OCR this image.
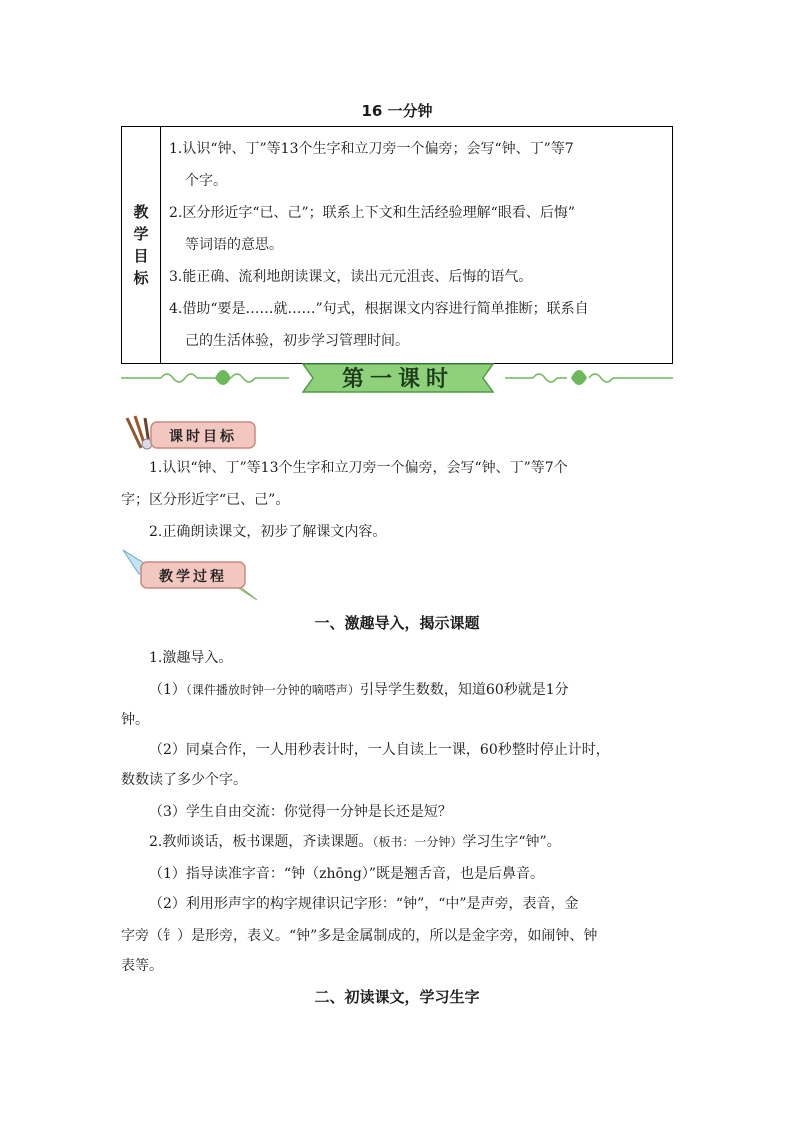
16 一分钟
教
学
目
标

1.认识“钟、丁”等13个生字和立刀旁一个偏旁；会写“钟、丁”等7
个字。
2.区分形近字“已、己”；联系上下文和生活经验理解“眼看、后悔”
等词语的意思。
3.能正确、流利地朗读课文，读出元元沮丧、后悔的语气。
4.借助“要是……就……”句式，根据课文内容进行简单推断；联系自
己的生活体验，初步学习管理时间。
第一课时
课时目标
1.认识“钟、丁”等13个生字和立刀旁一个偏旁，会写“钟、丁”等7个
字；区分形近字“已、己”。
2.正确朗读课文，初步了解课文内容。
教学过程
一、激趣导入，揭示课题
1.激趣导入。
（1）（课件播放时钟一分钟的嘀嗒声）引导学生数数，知道60秒就是1分
钟。
（2）同桌合作，一人用秒表计时，一人自读上一课，60秒整时停止计时，
数数读了多少个字。
（3）学生自由交流：你觉得一分钟是长还是短？
2.教师谈话，板书课题，齐读课题。（板书：一分钟）学习生字“钟”。
（1）指导读准字音：“钟（zhōng）”既是翘舌音，也是后鼻音。
（2）利用形声字的构字规律识记字形：“钟”，“中”是声旁，表音，金
字旁（钅）是形旁，表义。“钟”多是金属制成的，所以是金字旁，如闹钟、钟
表等。
二、初读课文，学习生字
